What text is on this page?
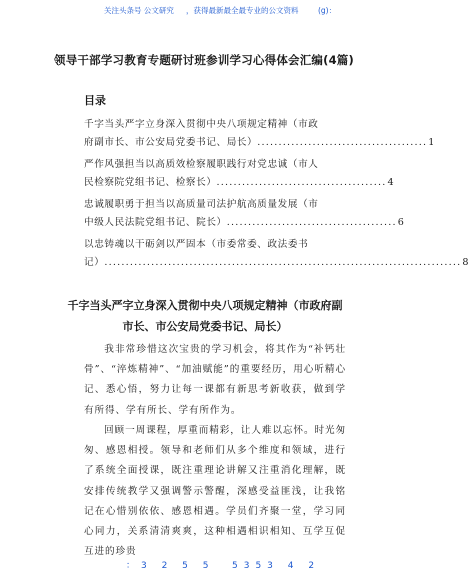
关注头条号 公文研究 ，获得最新最全最专业的公文资料	(g)：
领导干部学习教育专题研讨班参训学习心得体会汇编(4篇)
目录
千字当头严字立身深入贯彻中央八项规定精神（市政
府副市长、市公安局党委书记、局长） ........................................ 1
严作风强担当以高质效检察履职践行对党忠诚（市人
民检察院党组书记、检察长） ........................................ 4
忠诚履职勇于担当以高质量司法护航高质量发展（市
中级人民法院党组书记、院长） ........................................ 6
以忠铸魂以干砺剑以严固本（市委常委、政法委书
记） .................................................................................... 8
千字当头严字立身深入贯彻中央八项规定精神（市政府副
市长、市公安局党委书记、局长）
我非常珍惜这次宝贵的学习机会，将其作为“补钙壮骨”、“淬炼精神”、“加油赋能”的重要经历，用心听精心记、悉心悟，努力让每一课都有新思考新收获，做到学有所得、学有所长、学有所作为。
回顾一周课程，厚重而精彩，让人难以忘怀。时光匆匆、感恩相授。领导和老师们从多个维度和领域，进行了系统全面授课，既注重理论讲解又注重消化理解，既安排传统教学又强调警示警醒，深感受益匪浅，让我铭记在心惜别依依、感恩相遇。学员们齐聚一堂，学习同心同力，关系清清爽爽，这种相遇相识相知、互学互促互进的珍贵
：3 2 5 5 5353 4 2
